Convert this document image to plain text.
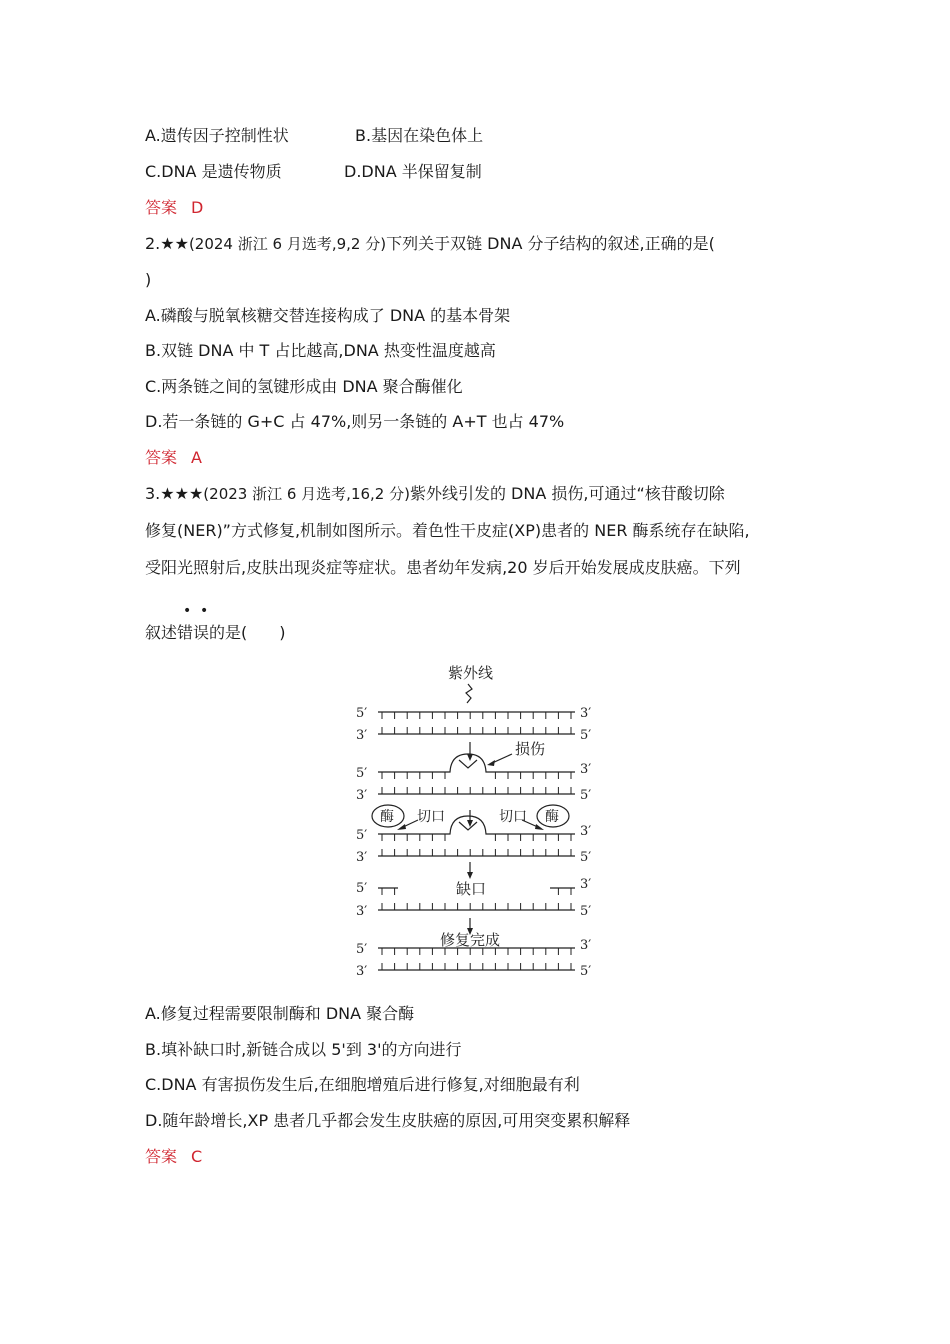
A.遗传因子控制性状	B.基因在染色体上
C.DNA 是遗传物质	D.DNA 半保留复制
答案 D
2.★★(2024 浙江 6 月选考,9,2 分)下列关于双链 DNA 分子结构的叙述,正确的是(
)
A.磷酸与脱氧核糖交替连接构成了 DNA 的基本骨架
B.双链 DNA 中 T 占比越高,DNA 热变性温度越高
C.两条链之间的氢键形成由 DNA 聚合酶催化
D.若一条链的 G+C 占 47%,则另一条链的 A+T 也占 47%
答案 A
3.★★★(2023 浙江 6 月选考,16,2 分)紫外线引发的 DNA 损伤,可通过“核苷酸切除
修复(NER)”方式修复,机制如图所示。着色性干皮症(XP)患者的 NER 酶系统存在缺陷,
受阳光照射后,皮肤出现炎症等症状。患者幼年发病,20 岁后开始发展成皮肤癌。下列
• •
叙述错误的是(　　)
紫外线
损伤
酶	酶
切口	切口
缺口
修复完成
5′	3′
3′	5′
5′	3′
3′	5′
5′	3′
3′	5′
5′	3′
3′	5′
5′	3′
3′	5′
A.修复过程需要限制酶和 DNA 聚合酶
B.填补缺口时,新链合成以 5'到 3'的方向进行
C.DNA 有害损伤发生后,在细胞增殖后进行修复,对细胞最有利
D.随年龄增长,XP 患者几乎都会发生皮肤癌的原因,可用突变累积解释
答案 C
